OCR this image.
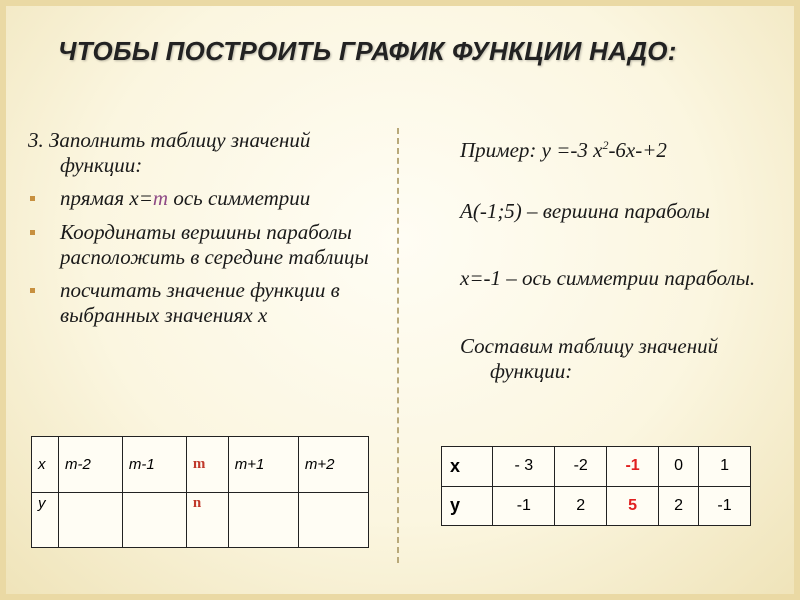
ЧТОБЫ ПОСТРОИТЬ ГРАФИК ФУНКЦИИ НАДО:

3. Заполнить таблицу значений функции:

прямая х=m ось симметрии
Координаты вершины параболы расположить в середине таблицы
посчитать значение функции в выбранных значениях х
х	m-2	m-1	m	m+1	m+2
у			n		

Пример: у =-3 $х^2-6х-+2$

А(-1;5) – вершина параболы

х=-1 – ось симметрии параболы.

Составим таблицу значений функции:

х	- 3	-2	-1	0	1
у	-1	2	5	2	-1
